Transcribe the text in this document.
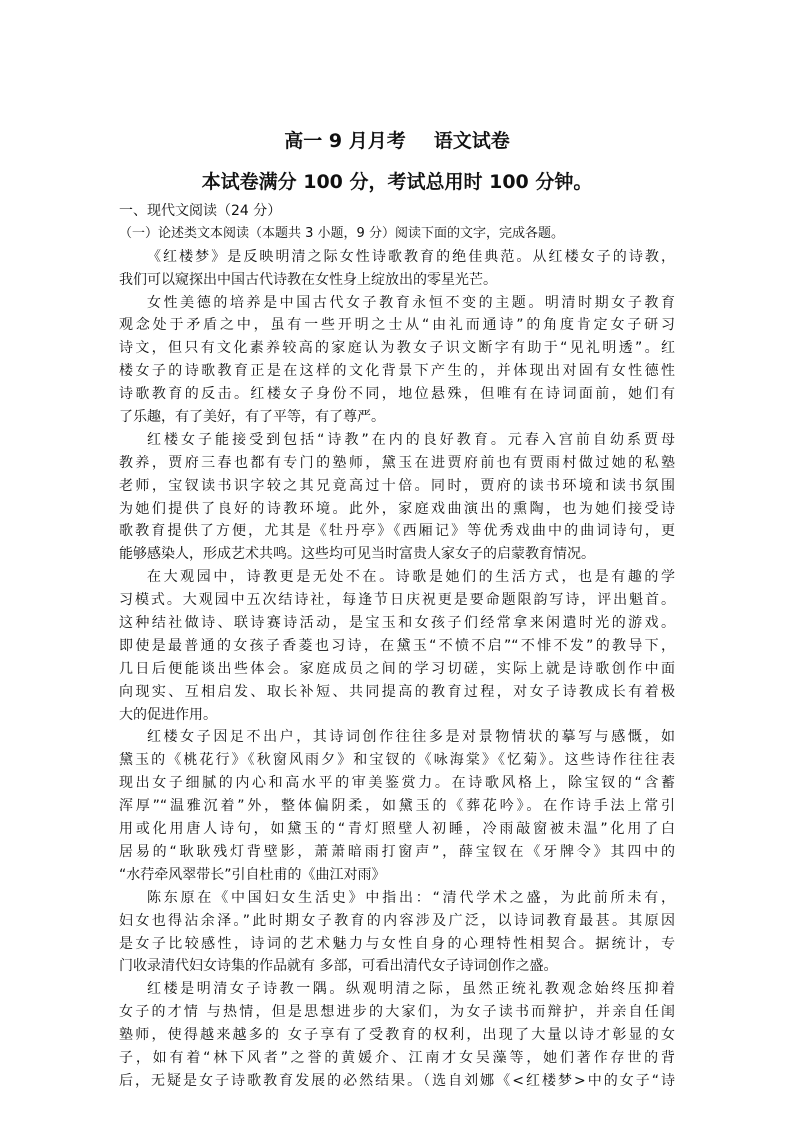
高一 9 月月考 语文试卷
本试卷满分 100 分，考试总用时 100 分钟。
一、现代文阅读（24 分）
（一）论述类文本阅读（本题共 3 小题，9 分）阅读下面的文字，完成各题。
《红楼梦》是反映明清之际女性诗歌教育的绝佳典范。从红楼女子的诗教，
我们可以窥探出中国古代诗教在女性身上绽放出的零星光芒。
女性美德的培养是中国古代女子教育永恒不变的主题。明清时期女子教育
观念处于矛盾之中，虽有一些开明之士从“由礼而通诗”的角度肯定女子研习
诗文，但只有文化素养较高的家庭认为教女子识文断字有助于“见礼明透”。红
楼女子的诗歌教育正是在这样的文化背景下产生的，并体现出对固有女性德性
诗歌教育的反击。红楼女子身份不同，地位悬殊，但唯有在诗词面前，她们有
了乐趣，有了美好，有了平等，有了尊严。
红楼女子能接受到包括“诗教”在内的良好教育。元春入宫前自幼系贾母
教养，贾府三春也都有专门的塾师，黛玉在进贾府前也有贾雨村做过她的私塾
老师，宝钗读书识字较之其兄竟高过十倍。同时，贾府的读书环境和读书氛围
为她们提供了良好的诗教环境。此外，家庭戏曲演出的熏陶，也为她们接受诗
歌教育提供了方便，尤其是《牡丹亭》《西厢记》等优秀戏曲中的曲词诗句，更
能够感染人，形成艺术共鸣。这些均可见当时富贵人家女子的启蒙教育情况。
在大观园中，诗教更是无处不在。诗歌是她们的生活方式，也是有趣的学
习模式。大观园中五次结诗社，每逢节日庆祝更是要命题限韵写诗，评出魁首。
这种结社做诗、联诗赛诗活动，是宝玉和女孩子们经常拿来闲遣时光的游戏。
即使是最普通的女孩子香菱也习诗，在黛玉“不愤不启”“不悱不发”的教导下，
几日后便能谈出些体会。家庭成员之间的学习切磋，实际上就是诗歌创作中面
向现实、互相启发、取长补短、共同提高的教育过程，对女子诗教成长有着极
大的促进作用。
红楼女子因足不出户，其诗词创作往往多是对景物情状的摹写与感慨，如
黛玉的《桃花行》《秋窗风雨夕》和宝钗的《咏海棠》《忆菊》。这些诗作往往表
现出女子细腻的内心和高水平的审美鉴赏力。在诗歌风格上，除宝钗的“含蓄
浑厚”“温雅沉着”外，整体偏阴柔，如黛玉的《葬花吟》。在作诗手法上常引
用或化用唐人诗句，如黛玉的“青灯照壁人初睡，冷雨敲窗被未温”化用了白
居易的“耿耿残灯背壁影，萧萧暗雨打窗声”，薛宝钗在《牙牌令》其四中的
“水荇牵风翠带长”引自杜甫的《曲江对雨》
陈东原在《中国妇女生活史》中指出：“清代学术之盛，为此前所未有，
妇女也得沾余泽。”此时期女子教育的内容涉及广泛，以诗词教育最甚。其原因
是女子比较感性，诗词的艺术魅力与女性自身的心理特性相契合。据统计，专
门收录清代妇女诗集的作品就有 多部，可看出清代女子诗词创作之盛。
红楼是明清女子诗教一隅。纵观明清之际，虽然正统礼教观念始终压抑着
女子的才情 与热情，但是思想进步的大家们，为女子读书而辩护，并亲自任闺
塾师，使得越来越多的 女子享有了受教育的权利，出现了大量以诗才彰显的女
子，如有着“林下风者”之誉的黄媛介、江南才女吴藻等，她们著作存世的背
后，无疑是女子诗歌教育发展的必然结果。（选自刘娜《<红楼梦>中的女子“诗
